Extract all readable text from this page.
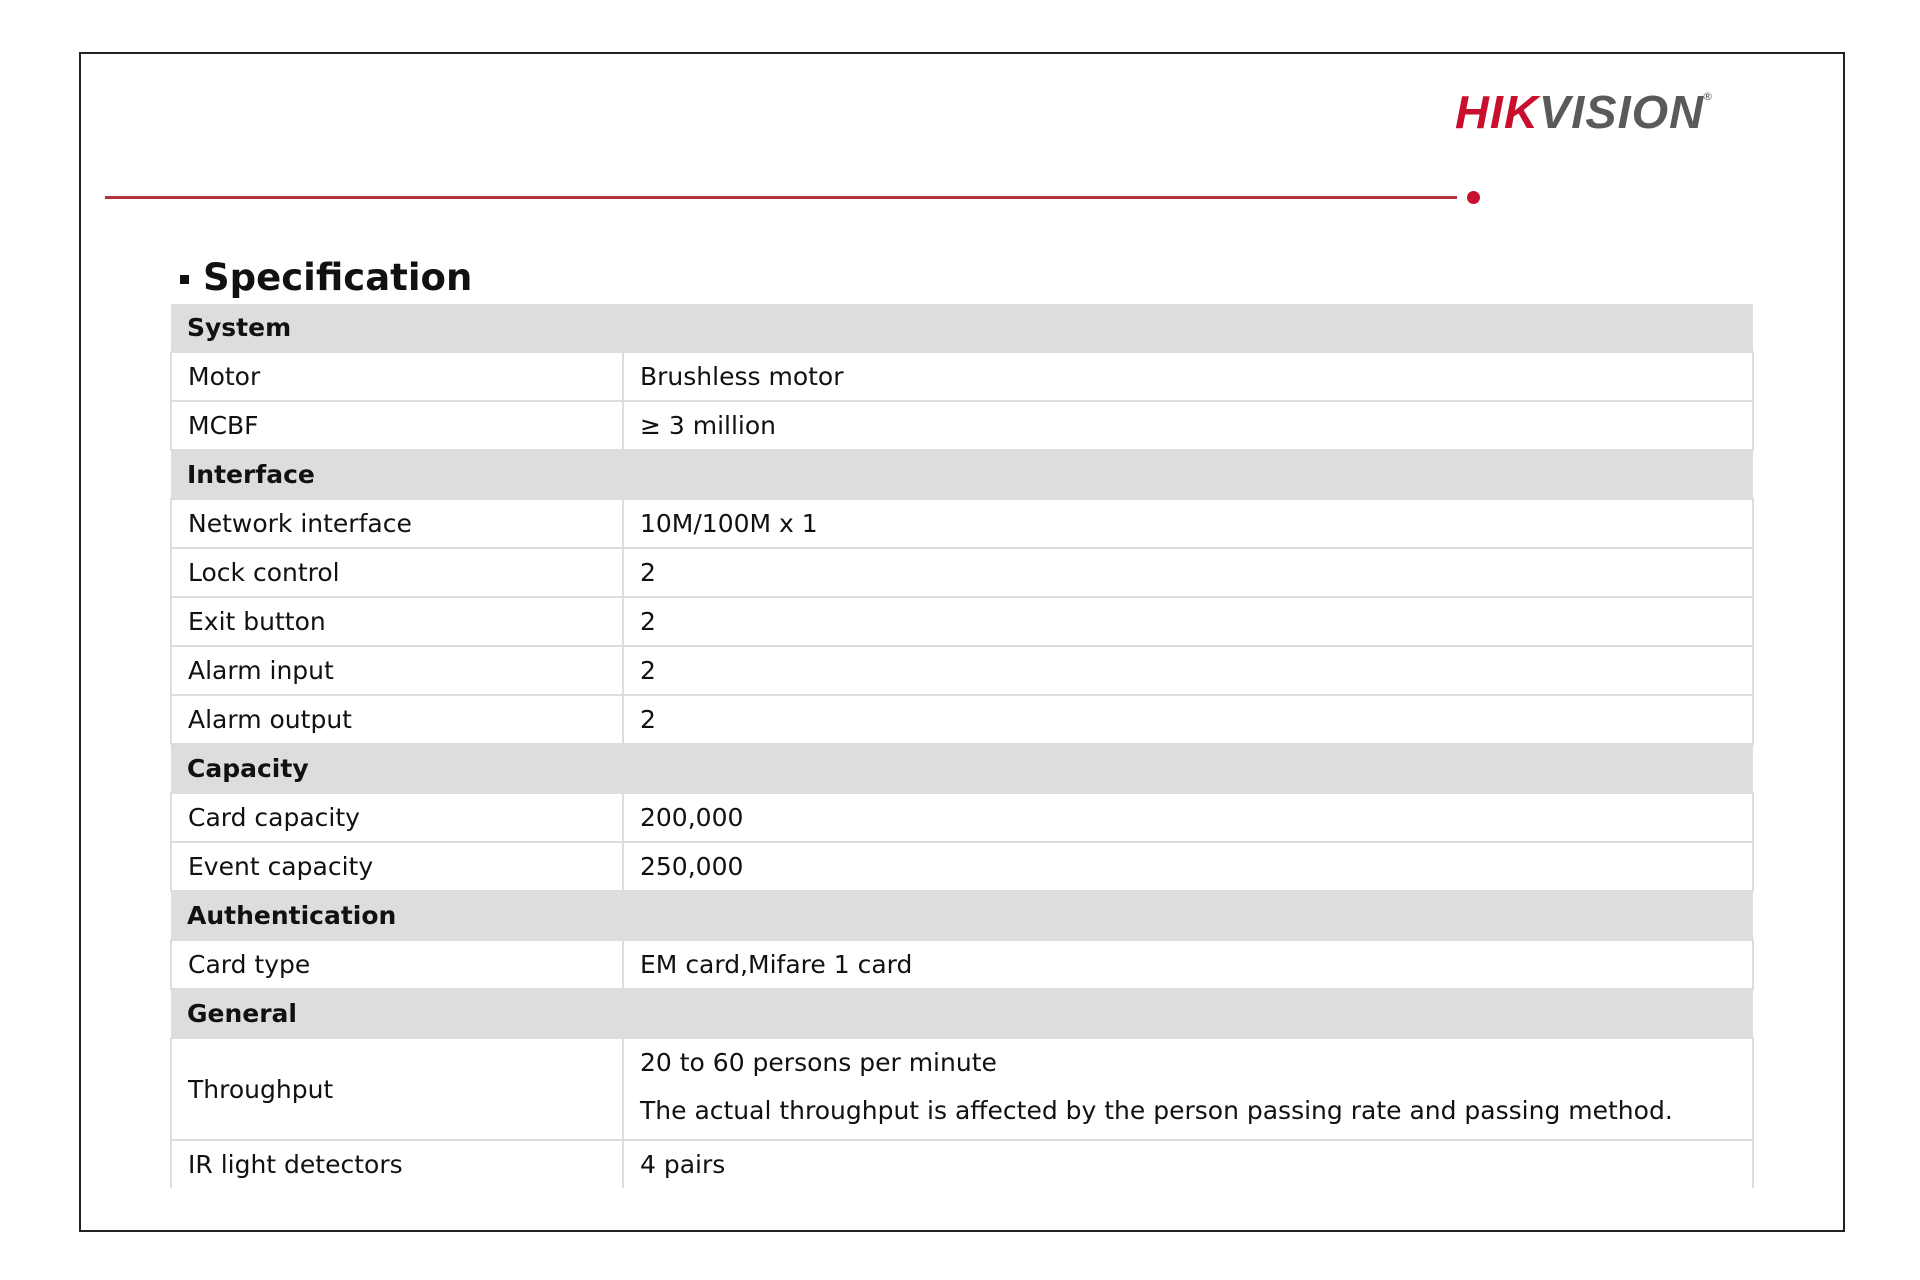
HIKVISION
®
Specification
System	
Motor	Brushless motor
MCBF	≥ 3 million
Interface	
Network interface	10M/100M x 1
Lock control	2
Exit button	2
Alarm input	2
Alarm output	2
Capacity	
Card capacity	200,000
Event capacity	250,000
Authentication	
Card type	EM card,Mifare 1 card
General	
Throughput	20 to 60 persons per minute
The actual throughput is affected by the person passing rate and passing method.

IR light detectors	4 pairs
